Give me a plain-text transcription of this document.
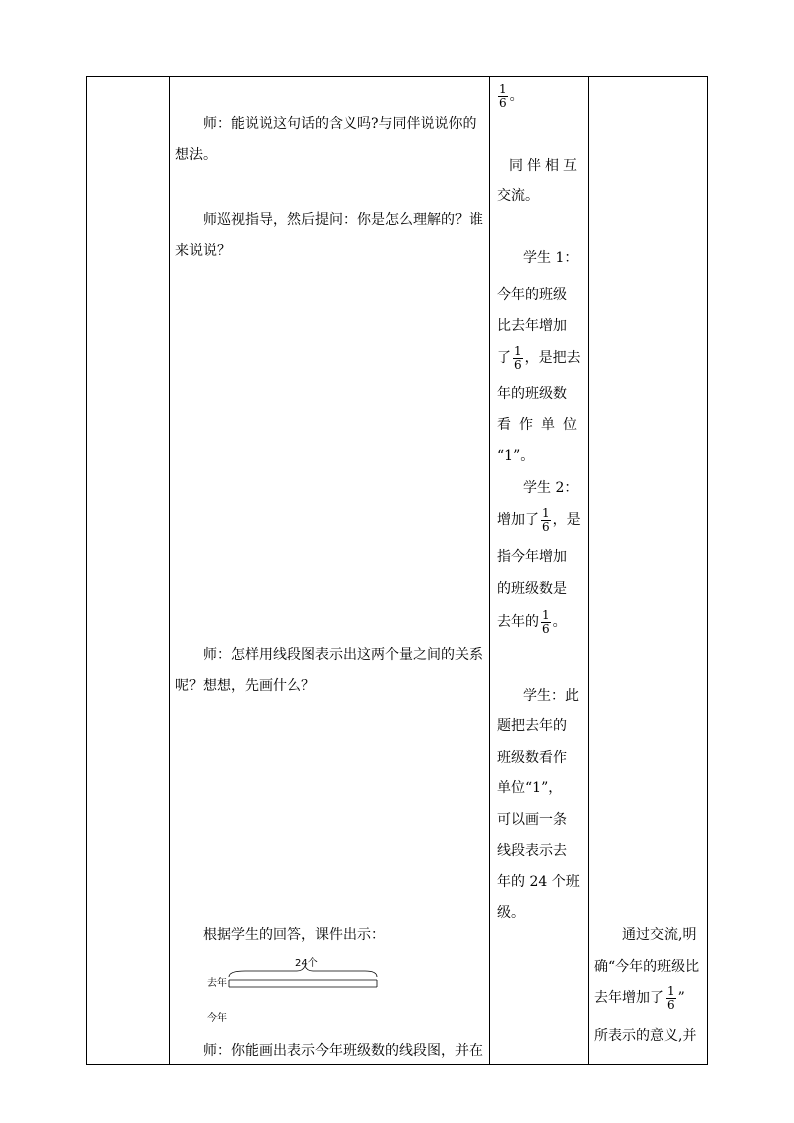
师：能说说这句话的含义吗?与同伴说说你的
想法。
师巡视指导，然后提问：你是怎么理解的？谁
来说说？
师：怎样用线段图表示出这两个量之间的关系
呢？想想，先画什么？
根据学生的回答，课件出示：
24个
去年
今年
师：你能画出表示今年班级数的线段图，并在
$\frac{1}{6}$ 。
同 伴 相 互
交流。
学生 1：
今年的班级
比去年增加
了 $\frac{1}{6}$ ，是把去
年的班级数
看 作 单 位
“1”。
学生 2：
增加了 $\frac{1}{6}$ ，是
指今年增加
的班级数是
去年的 $\frac{1}{6}$ 。
学生：此
题把去年的
班级数看作
单位“1”，
可以画一条
线段表示去
年的 24 个班
级。
通过交流,明
确“今年的班级比
去年增加了 $\frac{1}{6}$ ”
所表示的意义,并
